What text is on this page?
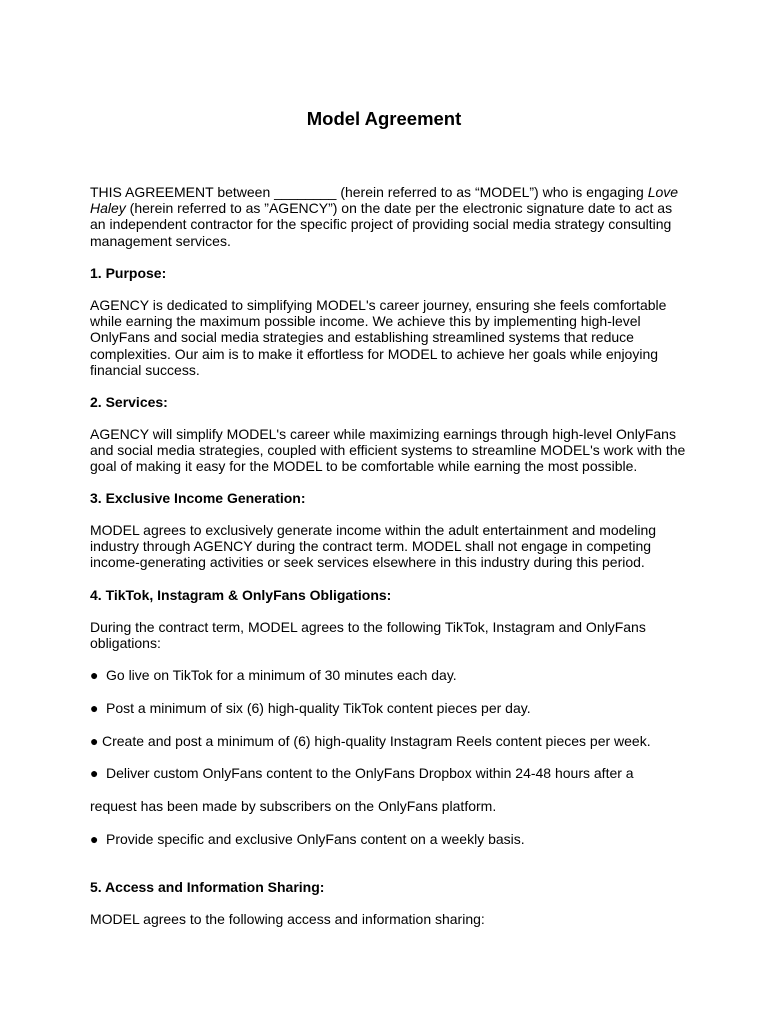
Model Agreement
THIS AGREEMENT between ________ (herein referred to as “MODEL”) who is engaging Love
Haley (herein referred to as ”AGENCY”) on the date per the electronic signature date to act as
an independent contractor for the specific project of providing social media strategy consulting
management services.
1. Purpose:
AGENCY is dedicated to simplifying MODEL's career journey, ensuring she feels comfortable
while earning the maximum possible income. We achieve this by implementing high-level
OnlyFans and social media strategies and establishing streamlined systems that reduce
complexities. Our aim is to make it effortless for MODEL to achieve her goals while enjoying
financial success.
2. Services:
AGENCY will simplify MODEL's career while maximizing earnings through high-level OnlyFans
and social media strategies, coupled with efficient systems to streamline MODEL's work with the
goal of making it easy for the MODEL to be comfortable while earning the most possible.
3. Exclusive Income Generation:
MODEL agrees to exclusively generate income within the adult entertainment and modeling
industry through AGENCY during the contract term. MODEL shall not engage in competing
income-generating activities or seek services elsewhere in this industry during this period.
4. TikTok, Instagram & OnlyFans Obligations:
During the contract term, MODEL agrees to the following TikTok, Instagram and OnlyFans
obligations:
● Go live on TikTok for a minimum of 30 minutes each day.
● Post a minimum of six (6) high-quality TikTok content pieces per day.
● Create and post a minimum of (6) high-quality Instagram Reels content pieces per week.
● Deliver custom OnlyFans content to the OnlyFans Dropbox within 24-48 hours after a
request has been made by subscribers on the OnlyFans platform.
● Provide specific and exclusive OnlyFans content on a weekly basis.
5. Access and Information Sharing:
MODEL agrees to the following access and information sharing:
